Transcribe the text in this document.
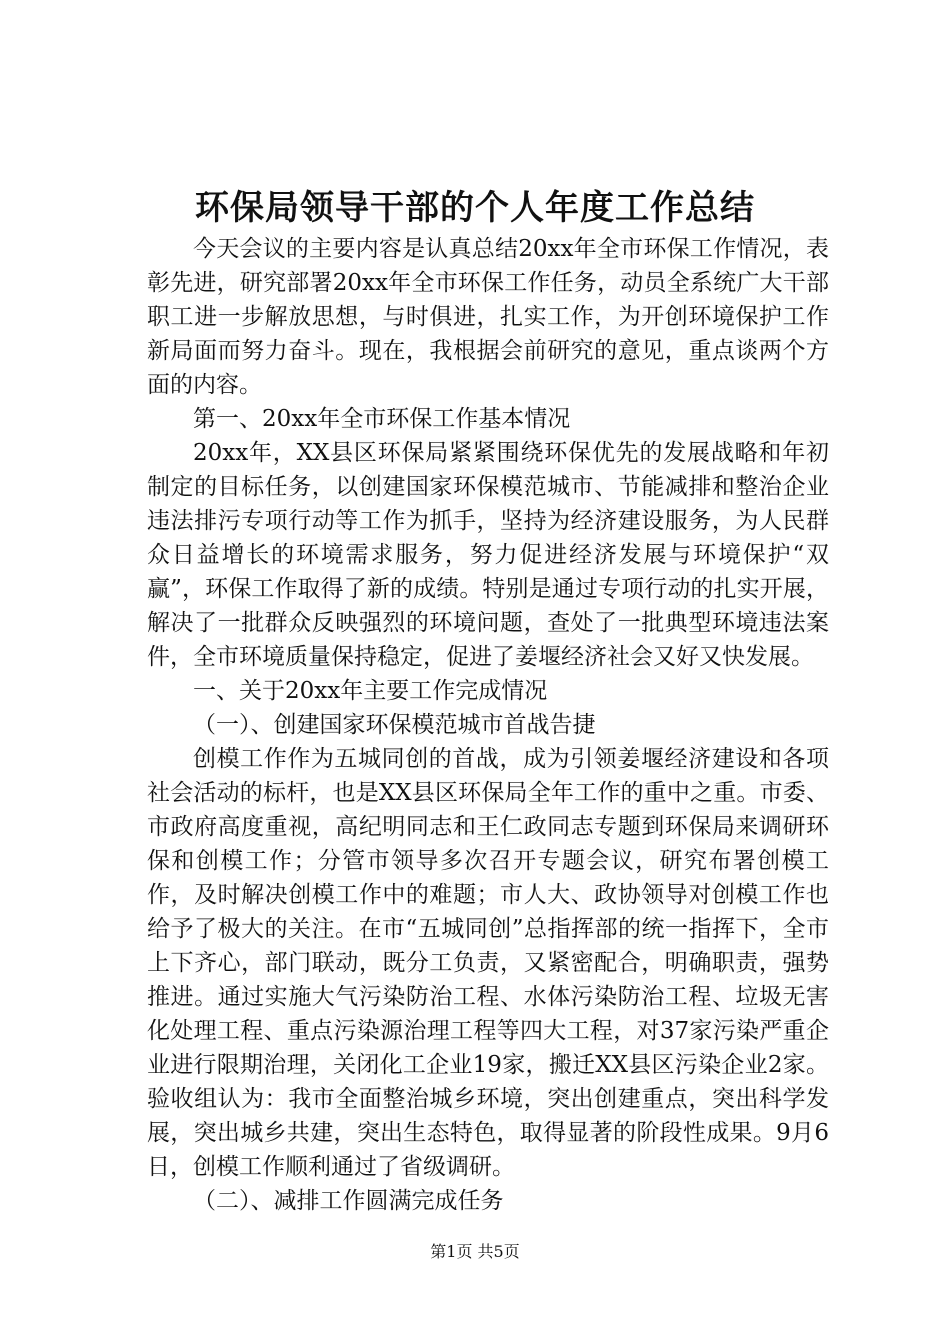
环保局领导干部的个人年度工作总结

今天会议的主要内容是认真总结20xx年全市环保工作情况，表彰先进，研究部署20xx年全市环保工作任务，动员全系统广大干部职工进一步解放思想，与时俱进，扎实工作，为开创环境保护工作新局面而努力奋斗。现在，我根据会前研究的意见，重点谈两个方面的内容。

第一、20xx年全市环保工作基本情况

20xx年，XX县区环保局紧紧围绕环保优先的发展战略和年初制定的目标任务，以创建国家环保模范城市、节能减排和整治企业违法排污专项行动等工作为抓手，坚持为经济建设服务，为人民群众日益增长的环境需求服务，努力促进经济发展与环境保护“双赢”，环保工作取得了新的成绩。特别是通过专项行动的扎实开展，解决了一批群众反映强烈的环境问题，查处了一批典型环境违法案件，全市环境质量保持稳定，促进了姜堰经济社会又好又快发展。

一、关于20xx年主要工作完成情况

（一）、创建国家环保模范城市首战告捷

创模工作作为五城同创的首战，成为引领姜堰经济建设和各项社会活动的标杆，也是XX县区环保局全年工作的重中之重。市委、市政府高度重视，高纪明同志和王仁政同志专题到环保局来调研环保和创模工作；分管市领导多次召开专题会议，研究布署创模工作，及时解决创模工作中的难题；市人大、政协领导对创模工作也给予了极大的关注。在市“五城同创”总指挥部的统一指挥下，全市上下齐心，部门联动，既分工负责，又紧密配合，明确职责，强势推进。通过实施大气污染防治工程、水体污染防治工程、垃圾无害化处理工程、重点污染源治理工程等四大工程，对37家污染严重企业进行限期治理，关闭化工企业19家，搬迁XX县区污染企业2家。验收组认为：我市全面整治城乡环境，突出创建重点，突出科学发展，突出城乡共建，突出生态特色，取得显著的阶段性成果。9月6日，创模工作顺利通过了省级调研。

（二）、减排工作圆满完成任务

第1页 共5页
